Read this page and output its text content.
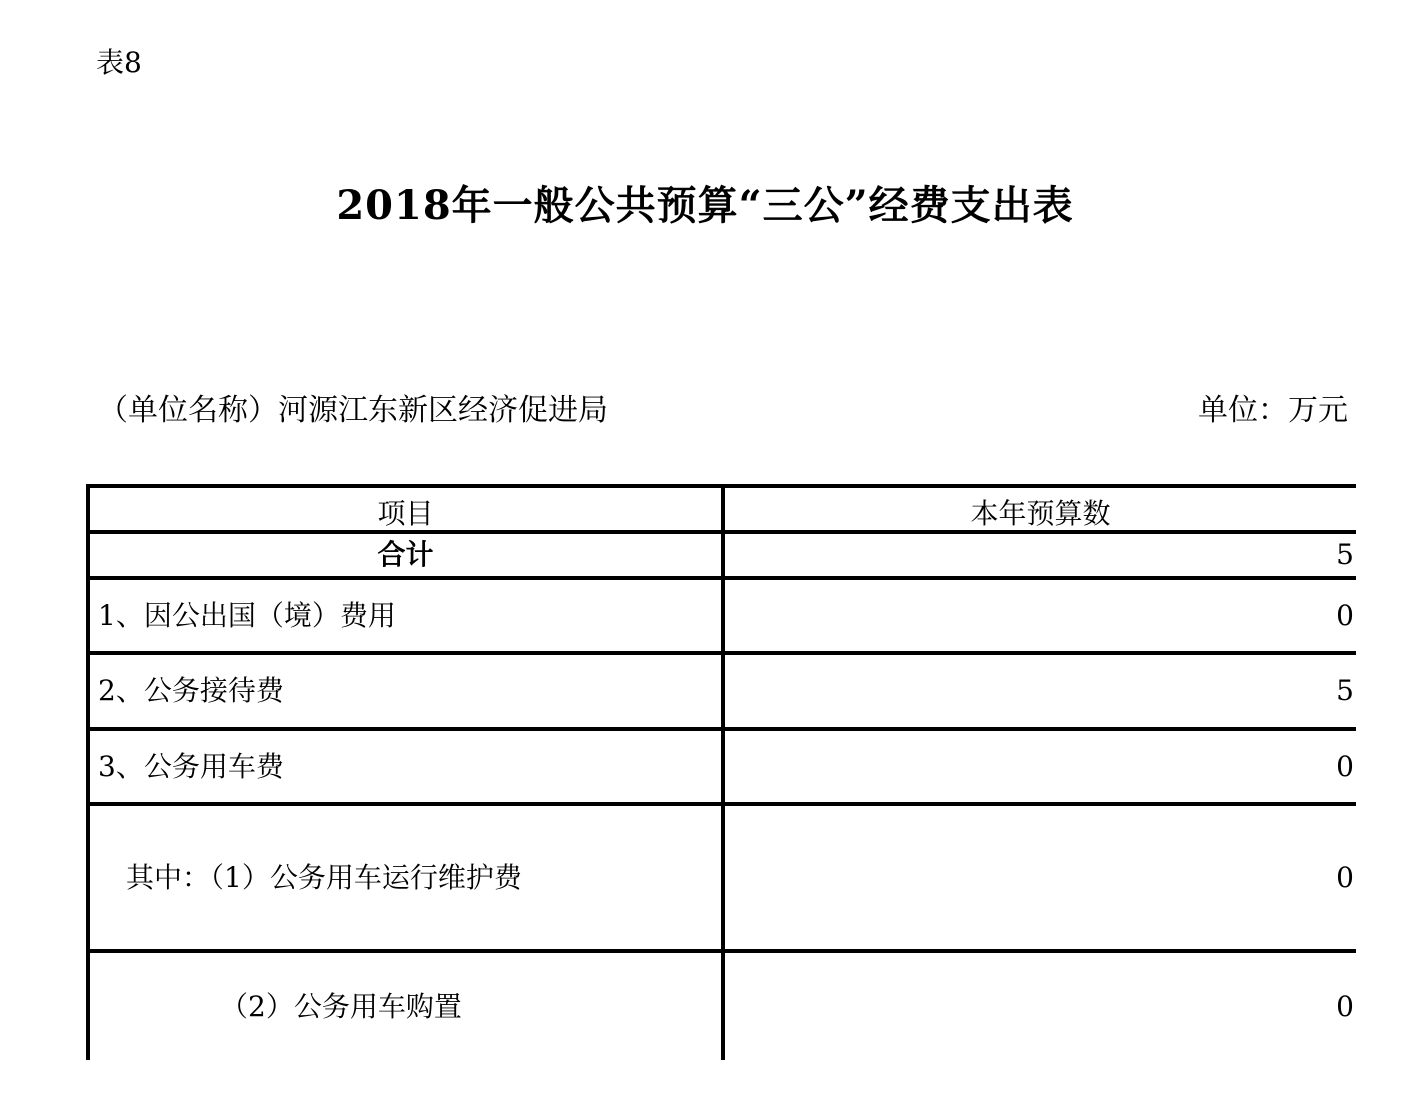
表8
2018年一般公共预算“三公”经费支出表
（单位名称）河源江东新区经济促进局	单位：万元
项目	本年预算数
合计	5
1、因公出国（境）费用	0
2、公务接待费	5
3、公务用车费	0
其中：（1）公务用车运行维护费	0
（2）公务用车购置	0
